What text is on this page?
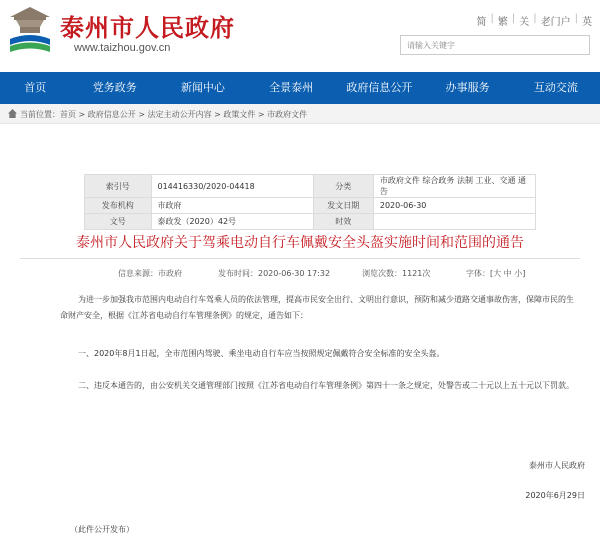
泰州市人民政府
www.taizhou.gov.cn
简 | 繁 | 关 | 老门户 | 英
请输入关键字
首页	党务政务	新闻中心	全景泰州	政府信息公开	办事服务	互动交流
当前位置：首页 > 政府信息公开 > 法定主动公开内容 > 政策文件 > 市政府文件
索引号	014416330/2020-04418	分类	市政府文件 综合政务 法制 工业、交通 通告
发布机构	市政府	发文日期	2020-06-30
文号	泰政发（2020）42号	时效	
泰州市人民政府关于驾乘电动自行车佩戴安全头盔实施时间和范围的通告
信息来源：市政府	发布时间：2020-06-30 17:32	浏览次数：1121次	字体：[大 中 小]
为进一步加强我市范围内电动自行车驾乘人员的依法管理，提高市民安全出行、文明出行意识，预防和减少道路交通事故伤害，保障市民的生命财产安全，根据《江苏省电动自行车管理条例》的规定，通告如下：
一、2020年8月1日起，全市范围内驾驶、乘坐电动自行车应当按照规定佩戴符合安全标准的安全头盔。
二、违反本通告的，由公安机关交通管理部门按照《江苏省电动自行车管理条例》第四十一条之规定，处警告或二十元以上五十元以下罚款。
泰州市人民政府
2020年6月29日
（此件公开发布）
